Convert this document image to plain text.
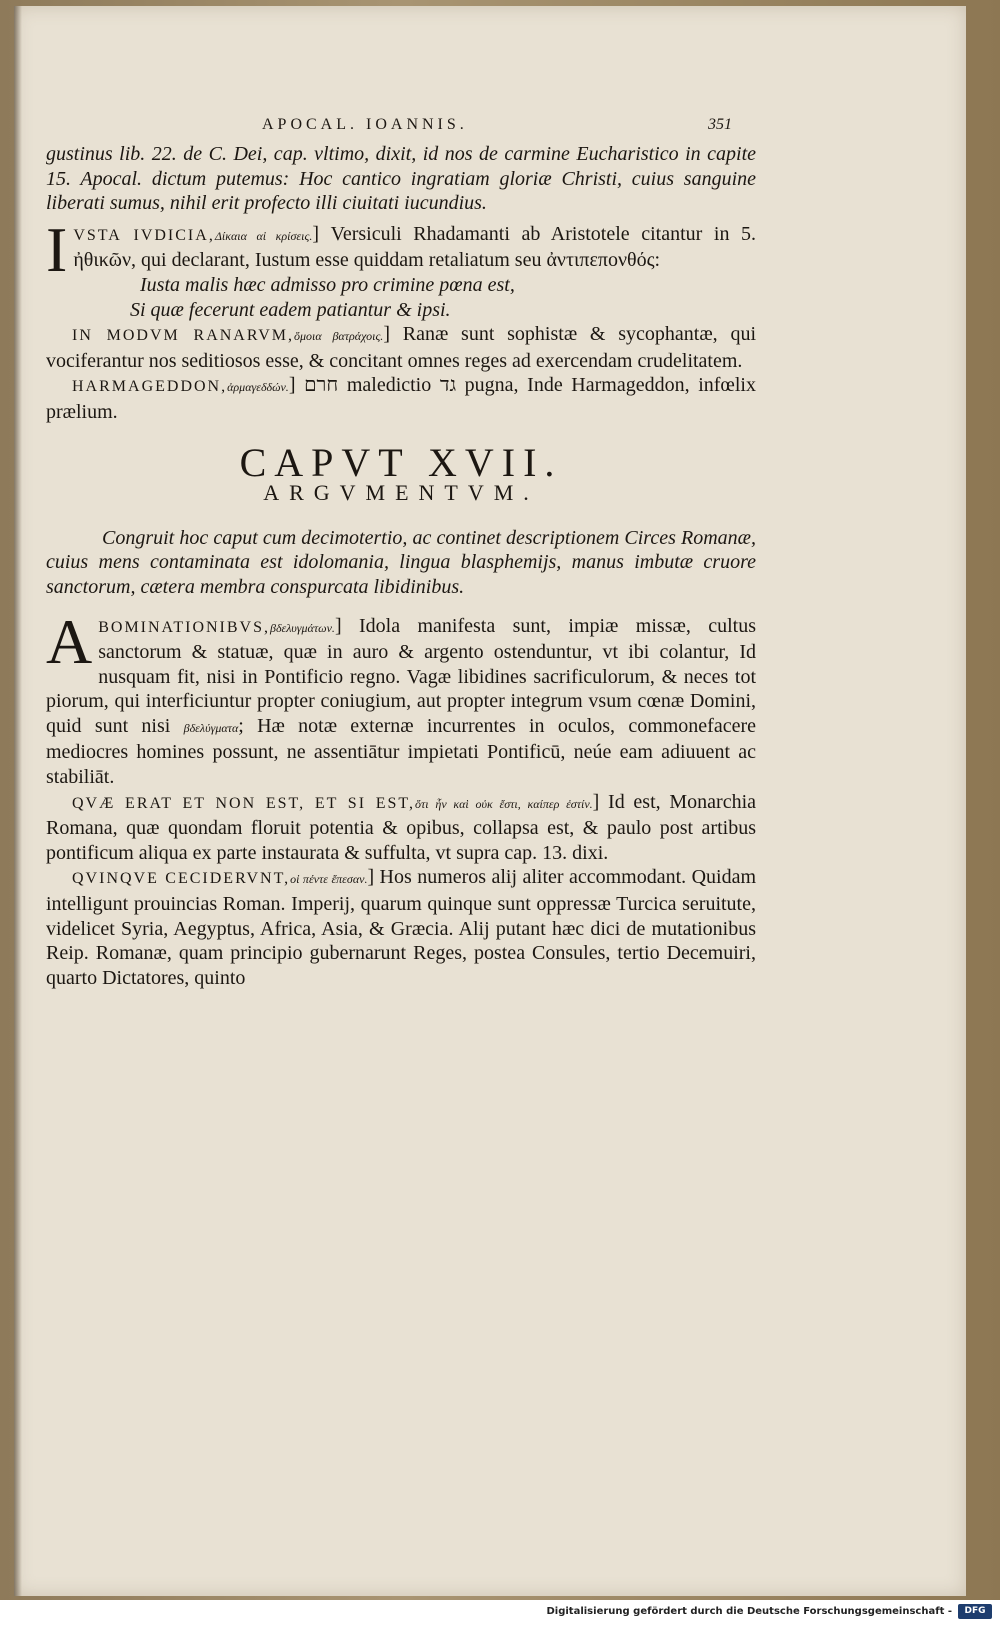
APOCAL. IOANNIS.	351

gustinus lib. 22. de C. Dei, cap. vltimo, dixit, id nos de carmine Eucharistico in capite 15. Apocal. dictum putemus: Hoc cantico ingratiam gloriæ Christi, cuius sanguine liberati sumus, nihil erit profecto illi ciuitati iucundius.

IVSTA IVDICIA,Δίκαια αἱ κρίσεις.] Versiculi Rhadamanti ab Aristotele citantur in 5. ἠθικῶν, qui declarant, Iustum esse quiddam retaliatum seu ἀντιπεπονθός:

Iusta malis hæc admisso pro crimine pœna est,

Si quæ fecerunt eadem patiantur & ipsi.

IN MODVM RANARVM,ὅμοια βατράχοις.] Ranæ sunt sophistæ & sycophantæ, qui vociferantur nos seditiosos esse, & concitant omnes reges ad exercendam crudelitatem.

HARMAGEDDON,ἁρμαγεδδών.] חרם maledictio גד pugna, Inde Harmageddon, infœlix prælium.

CAPVT XVII.
ARGVMENTVM.

Congruit hoc caput cum decimotertio, ac continet descriptionem Circes Romanæ, cuius mens contaminata est idolomania, lingua blasphemijs, manus imbutæ cruore sanctorum, cætera membra conspurcata libidinibus.

ABOMINATIONIBVS,βδελυγμάτων.] Idola manifesta sunt, impiæ missæ, cultus sanctorum & statuæ, quæ in auro & argento ostenduntur, vt ibi colantur, Id nusquam fit, nisi in Pontificio regno. Vagæ libidines sacrificulorum, & neces tot piorum, qui interficiuntur propter coniugium, aut propter integrum vsum cœnæ Domini, quid sunt nisi βδελύγματα; Hæ notæ externæ incurrentes in oculos, commonefacere mediocres homines possunt, ne assentiātur impietati Pontificū, neúe eam adiuuent ac stabiliāt.

QVÆ ERAT ET NON EST, ET SI EST,ὅτι ἦν καὶ οὐκ ἔστι, καίπερ ἐστίν.] Id est, Monarchia Romana, quæ quondam floruit potentia & opibus, collapsa est, & paulo post artibus pontificum aliqua ex parte instaurata & suffulta, vt supra cap. 13. dixi.

QVINQVE CECIDERVNT,οἱ πέντε ἔπεσαν.] Hos numeros alij aliter accommodant. Quidam intelligunt prouincias Roman. Imperij, quarum quinque sunt oppressæ Turcica seruitute, videlicet Syria, Aegyptus, Africa, Asia, & Græcia. Alij putant hæc dici de mutationibus Reip. Romanæ, quam principio gubernarunt Reges, postea Consules, tertio Decemuiri, quarto Dictatores, quinto

Digitalisierung gefördert durch die Deutsche Forschungsgemeinschaft -	DFG
